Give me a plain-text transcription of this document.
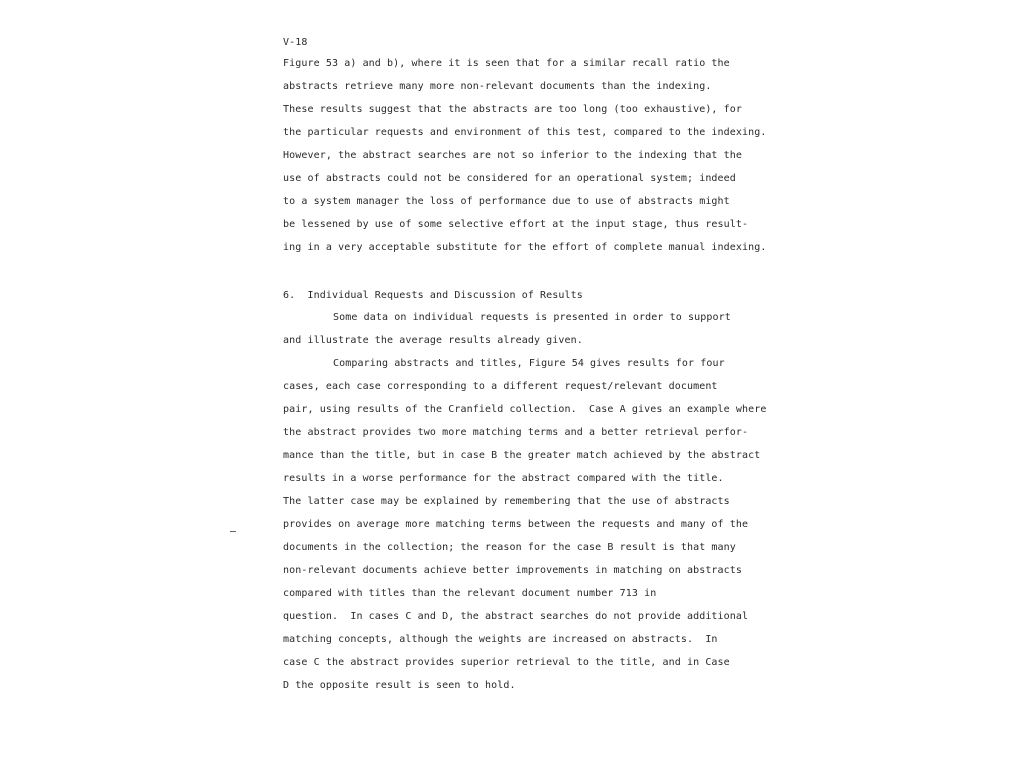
V-18
Figure 53 a) and b), where it is seen that for a similar recall ratio the
abstracts retrieve many more non-relevant documents than the indexing.
These results suggest that the abstracts are too long (too exhaustive), for
the particular requests and environment of this test, compared to the indexing.
However, the abstract searches are not so inferior to the indexing that the
use of abstracts could not be considered for an operational system; indeed
to a system manager the loss of performance due to use of abstracts might
be lessened by use of some selective effort at the input stage, thus result-
ing in a very acceptable substitute for the effort of complete manual indexing.
6.  Individual Requests and Discussion of Results
Some data on individual requests is presented in order to support
and illustrate the average results already given.
Comparing abstracts and titles, Figure 54 gives results for four
cases, each case corresponding to a different request/relevant document
pair, using results of the Cranfield collection.  Case A gives an example where
the abstract provides two more matching terms and a better retrieval perfor-
mance than the title, but in case B the greater match achieved by the abstract
results in a worse performance for the abstract compared with the title.
The latter case may be explained by remembering that the use of abstracts
provides on average more matching terms between the requests and many of the
documents in the collection; the reason for the case B result is that many
non-relevant documents achieve better improvements in matching on abstracts
compared with titles than the relevant document number 713 in
question.  In cases C and D, the abstract searches do not provide additional
matching concepts, although the weights are increased on abstracts.  In
case C the abstract provides superior retrieval to the title, and in Case
D the opposite result is seen to hold.
